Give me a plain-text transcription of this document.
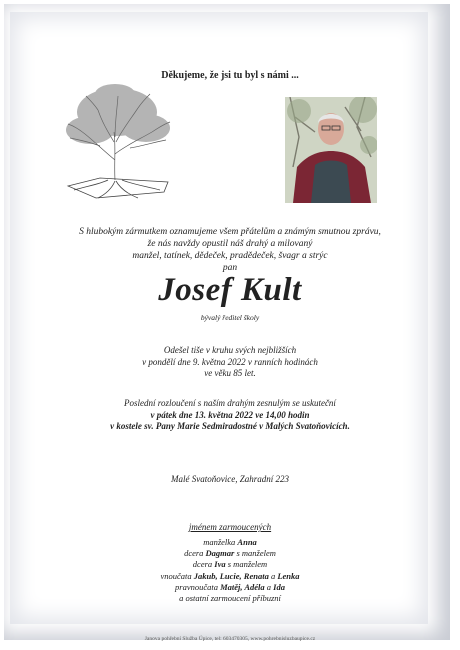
Děkujeme, že jsi tu byl s námi ...
S hlubokým zármutkem oznamujeme všem přátelům a známým smutnou zprávu,
že nás navždy opustil náš drahý a milovaný
manžel, tatínek, dědeček, pradědeček, švagr a strýc
pan
Josef Kult
bývalý ředitel školy
Odešel tiše v kruhu svých nejbližších
v pondělí dne 9. května 2022 v ranních hodinách
ve věku 85 let.
Poslední rozloučení s naším drahým zesnulým se uskuteční
v pátek dne 13. května 2022 ve 14,00 hodin
v kostele sv. Pany Marie Sedmiradostné v Malých Svatoňovicích.
Malé Svatoňovice, Zahradní 223
jménem zarmoucených
manželka Anna
dcera Dagmar s manželem
dcera Iva s manželem
vnoučata Jakub, Lucie, Renata a Lenka
pravnoučata Matěj, Adéla a Ida
a ostatní zarmoucení příbuzní
Janova pohřební Služba Úpice, tel: 603470305, www.pohrebnisluzbaupice.cz
